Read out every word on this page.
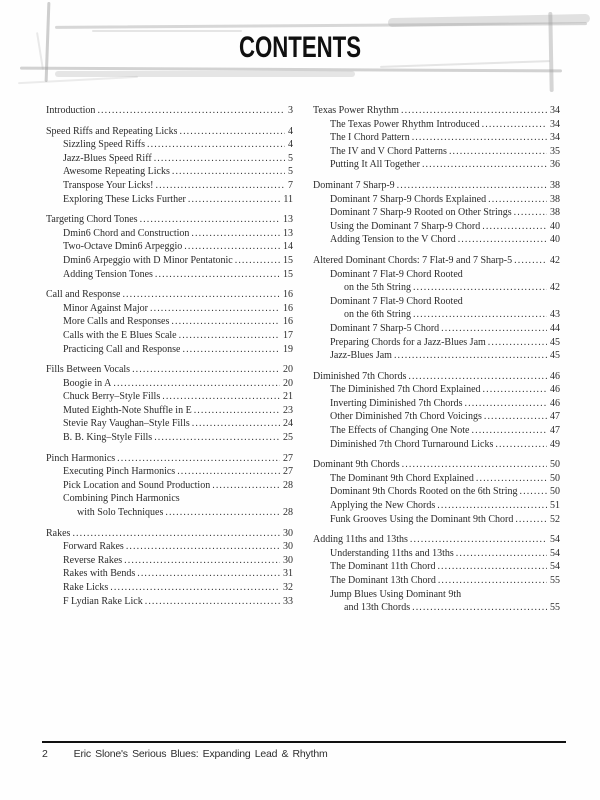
CONTENTS
Introduction .....	3
Speed Riffs and Repeating Licks .....	4
Sizzling Speed Riffs .....	4
Jazz-Blues Speed Riff .....	5
Awesome Repeating Licks .....	5
Transpose Your Licks! .....	7
Exploring These Licks Further .....	11
Targeting Chord Tones .....	13
Dmin6 Chord and Construction .....	13
Two-Octave Dmin6 Arpeggio .....	14
Dmin6 Arpeggio with D Minor Pentatonic .....	15
Adding Tension Tones .....	15
Call and Response .....	16
Minor Against Major .....	16
More Calls and Responses .....	16
Calls with the E Blues Scale .....	17
Practicing Call and Response .....	19
Fills Between Vocals .....	20
Boogie in A .....	20
Chuck Berry–Style Fills .....	21
Muted Eighth-Note Shuffle in E .....	23
Stevie Ray Vaughan–Style Fills .....	24
B. B. King–Style Fills .....	25
Pinch Harmonics .....	27
Executing Pinch Harmonics .....	27
Pick Location and Sound Production .....	28
Combining Pinch Harmonics
with Solo Techniques .....	28
Rakes .....	30
Forward Rakes .....	30
Reverse Rakes .....	30
Rakes with Bends .....	31
Rake Licks .....	32
F Lydian Rake Lick .....	33
Texas Power Rhythm .....	34
The Texas Power Rhythm Introduced .....	34
The I Chord Pattern .....	34
The IV and V Chord Patterns .....	35
Putting It All Together .....	36
Dominant 7 Sharp-9 .....	38
Dominant 7 Sharp-9 Chords Explained .....	38
Dominant 7 Sharp-9 Rooted on Other Strings .....	38
Using the Dominant 7 Sharp-9 Chord .....	40
Adding Tension to the V Chord .....	40
Altered Dominant Chords: 7 Flat-9 and 7 Sharp-5 .....	42
Dominant 7 Flat-9 Chord Rooted
on the 5th String .....	42
Dominant 7 Flat-9 Chord Rooted
on the 6th String .....	43
Dominant 7 Sharp-5 Chord .....	44
Preparing Chords for a Jazz-Blues Jam .....	45
Jazz-Blues Jam .....	45
Diminished 7th Chords .....	46
The Diminished 7th Chord Explained .....	46
Inverting Diminished 7th Chords .....	46
Other Diminished 7th Chord Voicings .....	47
The Effects of Changing One Note .....	47
Diminished 7th Chord Turnaround Licks .....	49
Dominant 9th Chords .....	50
The Dominant 9th Chord Explained .....	50
Dominant 9th Chords Rooted on the 6th String .....	50
Applying the New Chords .....	51
Funk Grooves Using the Dominant 9th Chord .....	52
Adding 11ths and 13ths .....	54
Understanding 11ths and 13ths .....	54
The Dominant 11th Chord .....	54
The Dominant 13th Chord .....	55
Jump Blues Using Dominant 9th
and 13th Chords .....	55
2 Eric Slone's Serious Blues: Expanding Lead & Rhythm
